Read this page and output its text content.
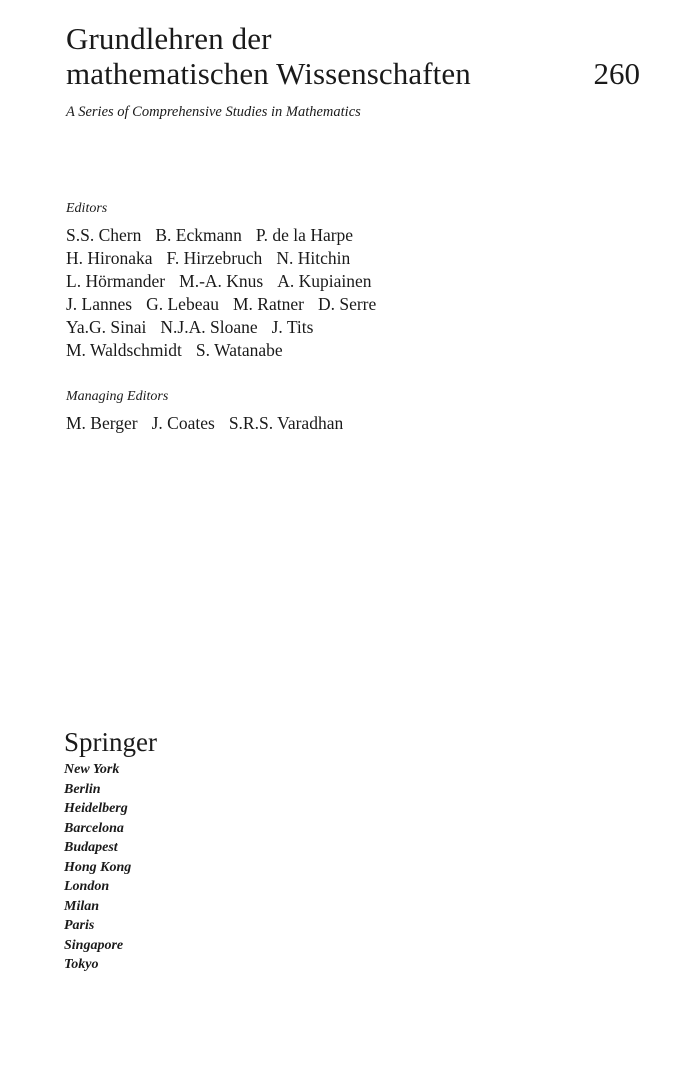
Grundlehren der
mathematischen Wissenschaften	260
A Series of Comprehensive Studies in Mathematics
Editors
S.S. Chern B. Eckmann P. de la Harpe
H. Hironaka F. Hirzebruch N. Hitchin
L. Hörmander M.-A. Knus A. Kupiainen
J. Lannes G. Lebeau M. Ratner D. Serre
Ya.G. Sinai N.J.A. Sloane J. Tits
M. Waldschmidt S. Watanabe
Managing Editors
M. Berger J. Coates S.R.S. Varadhan
Springer
New York
Berlin
Heidelberg
Barcelona
Budapest
Hong Kong
London
Milan
Paris
Singapore
Tokyo
